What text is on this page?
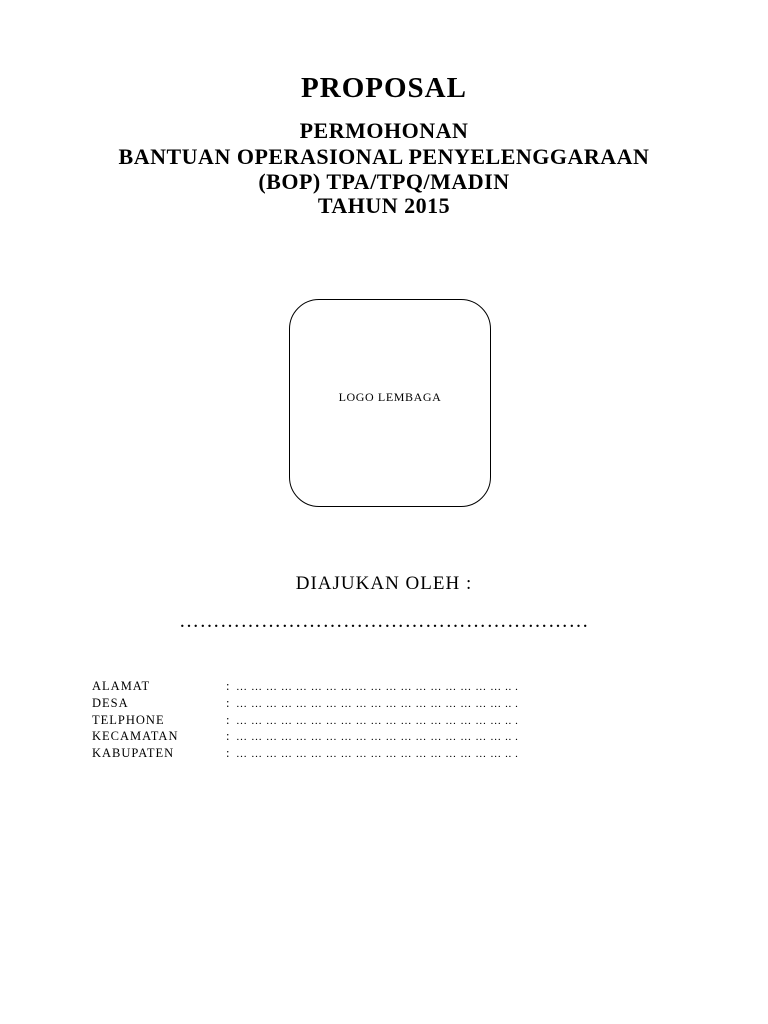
PROPOSAL
PERMOHONAN
BANTUAN OPERASIONAL PENYELENGGARAAN
(BOP) TPA/TPQ/MADIN
TAHUN 2015
LOGO LEMBAGA
DIAJUKAN OLEH :
……………………………………………………
ALAMAT	: … … … … … … … … … … … … … … … … … … .. .
DESA	: … … … … … … … … … … … … … … … … … … .. .
TELPHONE	: … … … … … … … … … … … … … … … … … … .. .
KECAMATAN	: … … … … … … … … … … … … … … … … … … .. .
KABUPATEN	: … … … … … … … … … … … … … … … … … … .. .
